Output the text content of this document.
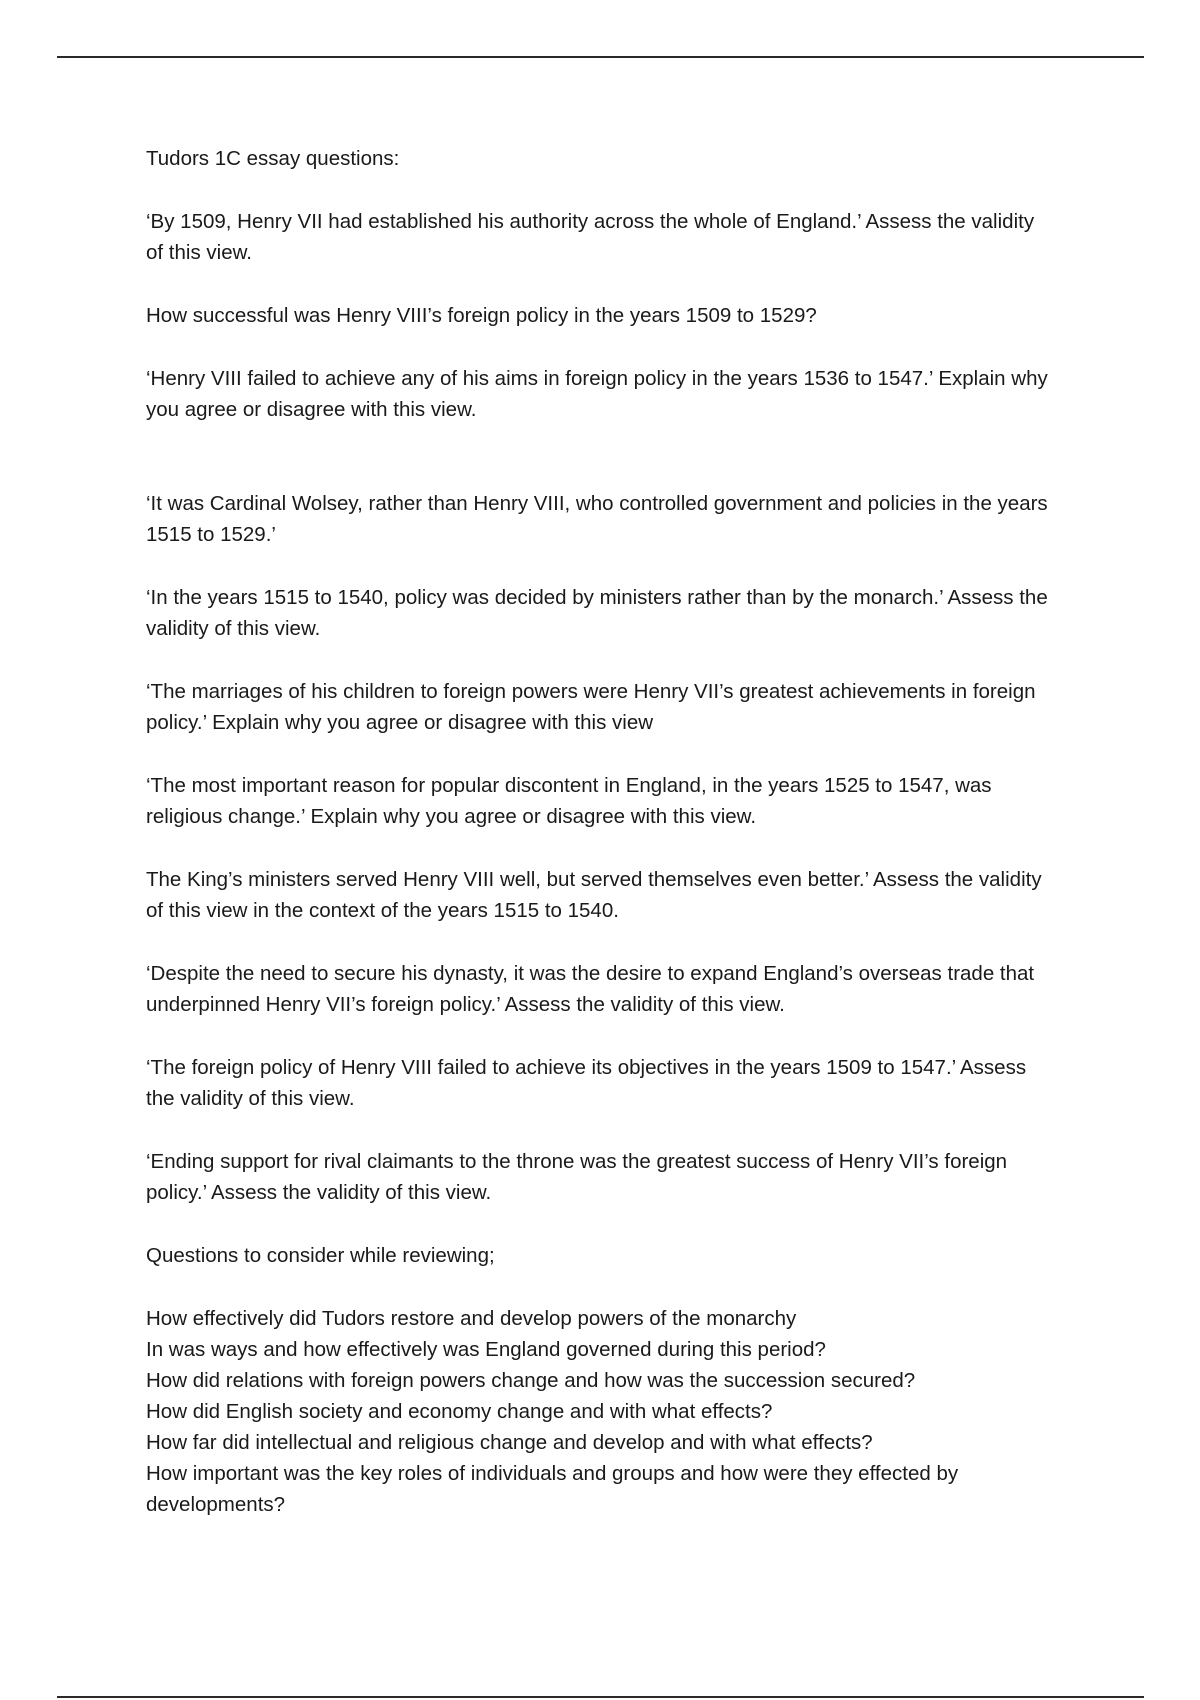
Tudors 1C essay questions:

‘By 1509, Henry VII had established his authority across the whole of England.’ Assess the validity of this view.

How successful was Henry VIII’s foreign policy in the years 1509 to 1529?

‘Henry VIII failed to achieve any of his aims in foreign policy in the years 1536 to 1547.’ Explain why you agree or disagree with this view.

‘It was Cardinal Wolsey, rather than Henry VIII, who controlled government and policies in the years 1515 to 1529.’

‘In the years 1515 to 1540, policy was decided by ministers rather than by the monarch.’ Assess the validity of this view.

‘The marriages of his children to foreign powers were Henry VII’s greatest achievements in foreign policy.’ Explain why you agree or disagree with this view

‘The most important reason for popular discontent in England, in the years 1525 to 1547, was religious change.’ Explain why you agree or disagree with this view.

The King’s ministers served Henry VIII well, but served themselves even better.’ Assess the validity of this view in the context of the years 1515 to 1540.

‘Despite the need to secure his dynasty, it was the desire to expand England’s overseas trade that underpinned Henry VII’s foreign policy.’ Assess the validity of this view.

‘The foreign policy of Henry VIII failed to achieve its objectives in the years 1509 to 1547.’ Assess the validity of this view.

‘Ending support for rival claimants to the throne was the greatest success of Henry VII’s foreign policy.’ Assess the validity of this view.

Questions to consider while reviewing;

How effectively did Tudors restore and develop powers of the monarchy
In was ways and how effectively was England governed during this period?
How did relations with foreign powers change and how was the succession secured?
How did English society and economy change and with what effects?
How far did intellectual and religious change and develop and with what effects?
How important was the key roles of individuals and groups and how were they effected by developments?
